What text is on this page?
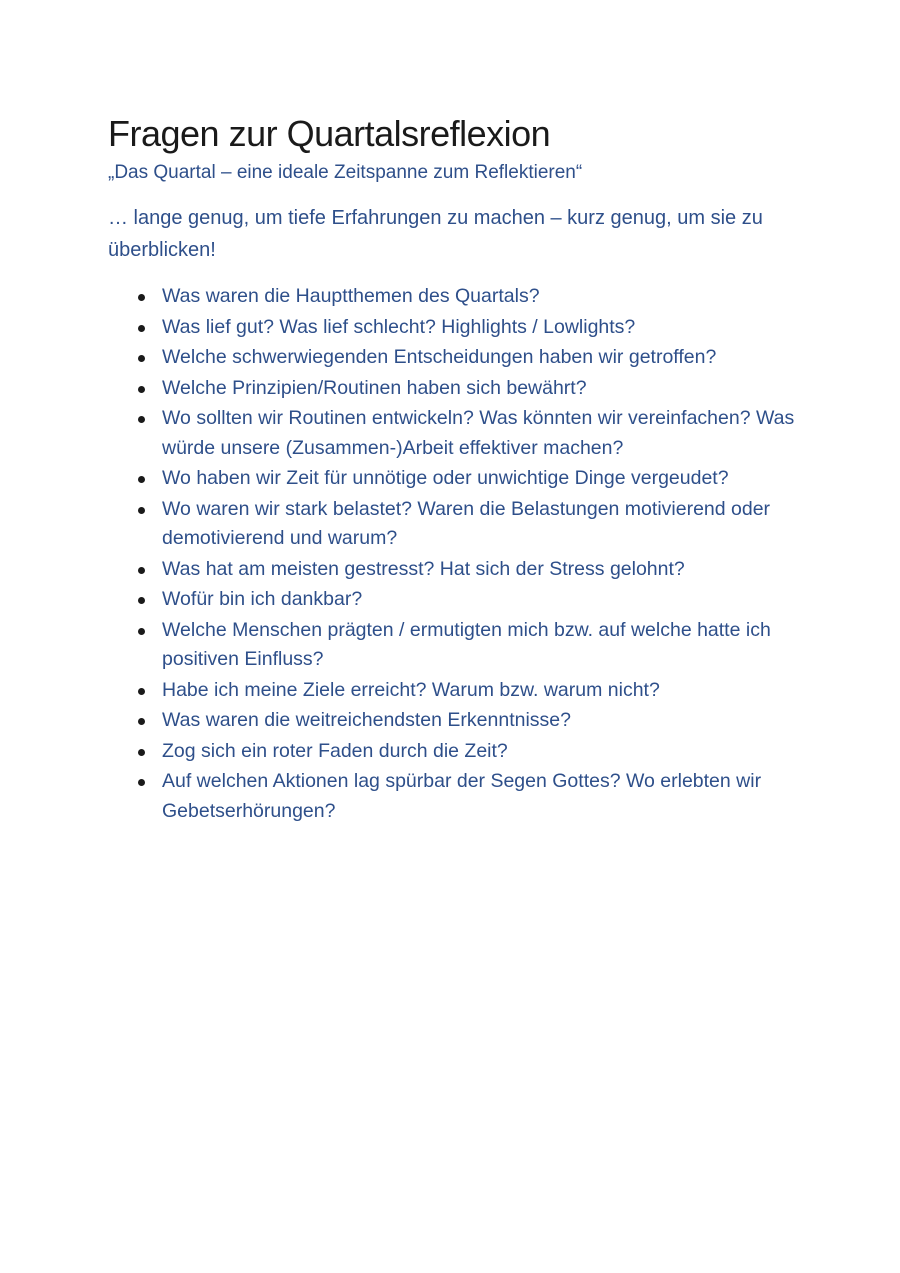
Fragen zur Quartalsreflexion

„Das Quartal – eine ideale Zeitspanne zum Reflektieren“

… lange genug, um tiefe Erfahrungen zu machen – kurz genug, um sie zu überblicken!

Was waren die Hauptthemen des Quartals?
Was lief gut? Was lief schlecht? Highlights / Lowlights?
Welche schwerwiegenden Entscheidungen haben wir getroffen?
Welche Prinzipien/Routinen haben sich bewährt?
Wo sollten wir Routinen entwickeln? Was könnten wir vereinfachen? Was würde unsere (Zusammen-)Arbeit effektiver machen?
Wo haben wir Zeit für unnötige oder unwichtige Dinge vergeudet?
Wo waren wir stark belastet? Waren die Belastungen motivierend oder demotivierend und warum?
Was hat am meisten gestresst? Hat sich der Stress gelohnt?
Wofür bin ich dankbar?
Welche Menschen prägten / ermutigten mich bzw. auf welche hatte ich positiven Einfluss?
Habe ich meine Ziele erreicht? Warum bzw. warum nicht?
Was waren die weitreichendsten Erkenntnisse?
Zog sich ein roter Faden durch die Zeit?
Auf welchen Aktionen lag spürbar der Segen Gottes? Wo erlebten wir Gebetserhörungen?
